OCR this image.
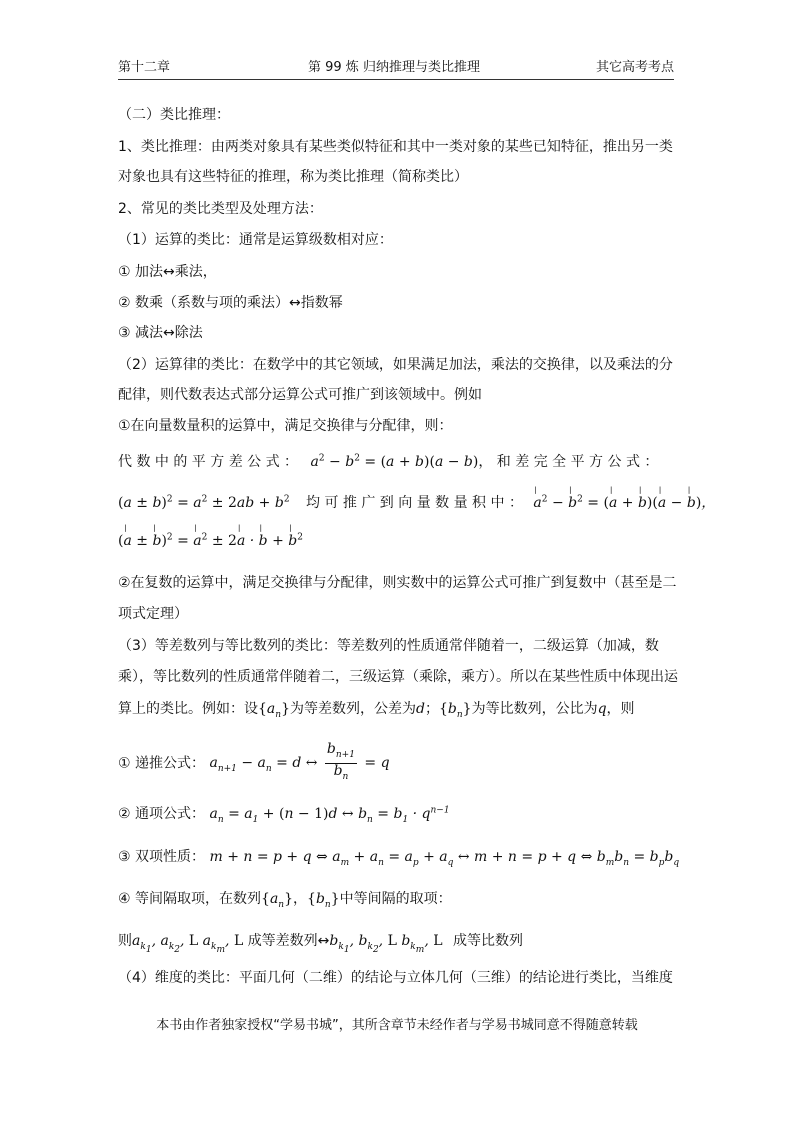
第十二章	第 99 炼 归纳推理与类比推理	其它高考考点
（二）类比推理：
1、类比推理：由两类对象具有某些类似特征和其中一类对象的某些已知特征，推出另一类
对象也具有这些特征的推理，称为类比推理（简称类比）
2、常见的类比类型及处理方法：
（1）运算的类比：通常是运算级数相对应：
① 加法↔乘法，
② 数乘（系数与项的乘法）↔指数幂
③ 减法↔除法
（2）运算律的类比：在数学中的其它领域，如果满足加法，乘法的交换律，以及乘法的分
配律，则代数表达式部分运算公式可推广到该领域中。例如
①在向量数量积的运算中，满足交换律与分配律，则：
代 数 中 的 平 方 差 公 式 ： $a^2 - b^2 = (a + b)(a - b)$， 和 差 完 全 平 方 公 式 ：
$(a \pm b)^2 = a^2 \pm 2ab + b^2$ 均 可 推 广 到 向 量 数 量 积 中 ： ∣ $a^2$ − ∣ $b^2$ = (∣ a + ∣ b)(∣ a − ∣ b)，
(∣ a ± ∣ b)$^2$ = ∣ $a^2$ ± 2∣ a · ∣ b + ∣ $b^2$
②在复数的运算中，满足交换律与分配律，则实数中的运算公式可推广到复数中（甚至是二
项式定理）
（3）等差数列与等比数列的类比：等差数列的性质通常伴随着一，二级运算（加减，数
乘），等比数列的性质通常伴随着二，三级运算（乘除，乘方）。所以在某些性质中体现出运
算上的类比。例如：设$\{a_n\}$为等差数列，公差为d；$\{b_n\}$为等比数列，公比为q，则
① 递推公式： $a_{n+1} - a_n = d$ ↔ $\frac{b_{n+1}}{b_n} = q$
② 通项公式： $a_n = a_1 + (n - 1)d$ ↔ $b_n = b_1 \cdot q^{n-1}$
③ 双项性质： m + n = p + q ⇔ $a_m + a_n = a_p + a_q$ ↔ m + n = p + q ⇔ $b_mb_n = b_pb_q$
④ 等间隔取项，在数列$\{a_n\}$，$\{b_n\}$中等间隔的取项：
则$a_{k_1}$, $a_{k_2}$, L $a_{k_m}$, L 成等差数列$\leftrightarrow b_{k_1}$, $b_{k_2}$, L $b_{k_m}$, L 成等比数列
（4）维度的类比：平面几何（二维）的结论与立体几何（三维）的结论进行类比，当维度
本书由作者独家授权“学易书城”，其所含章节未经作者与学易书城同意不得随意转载
